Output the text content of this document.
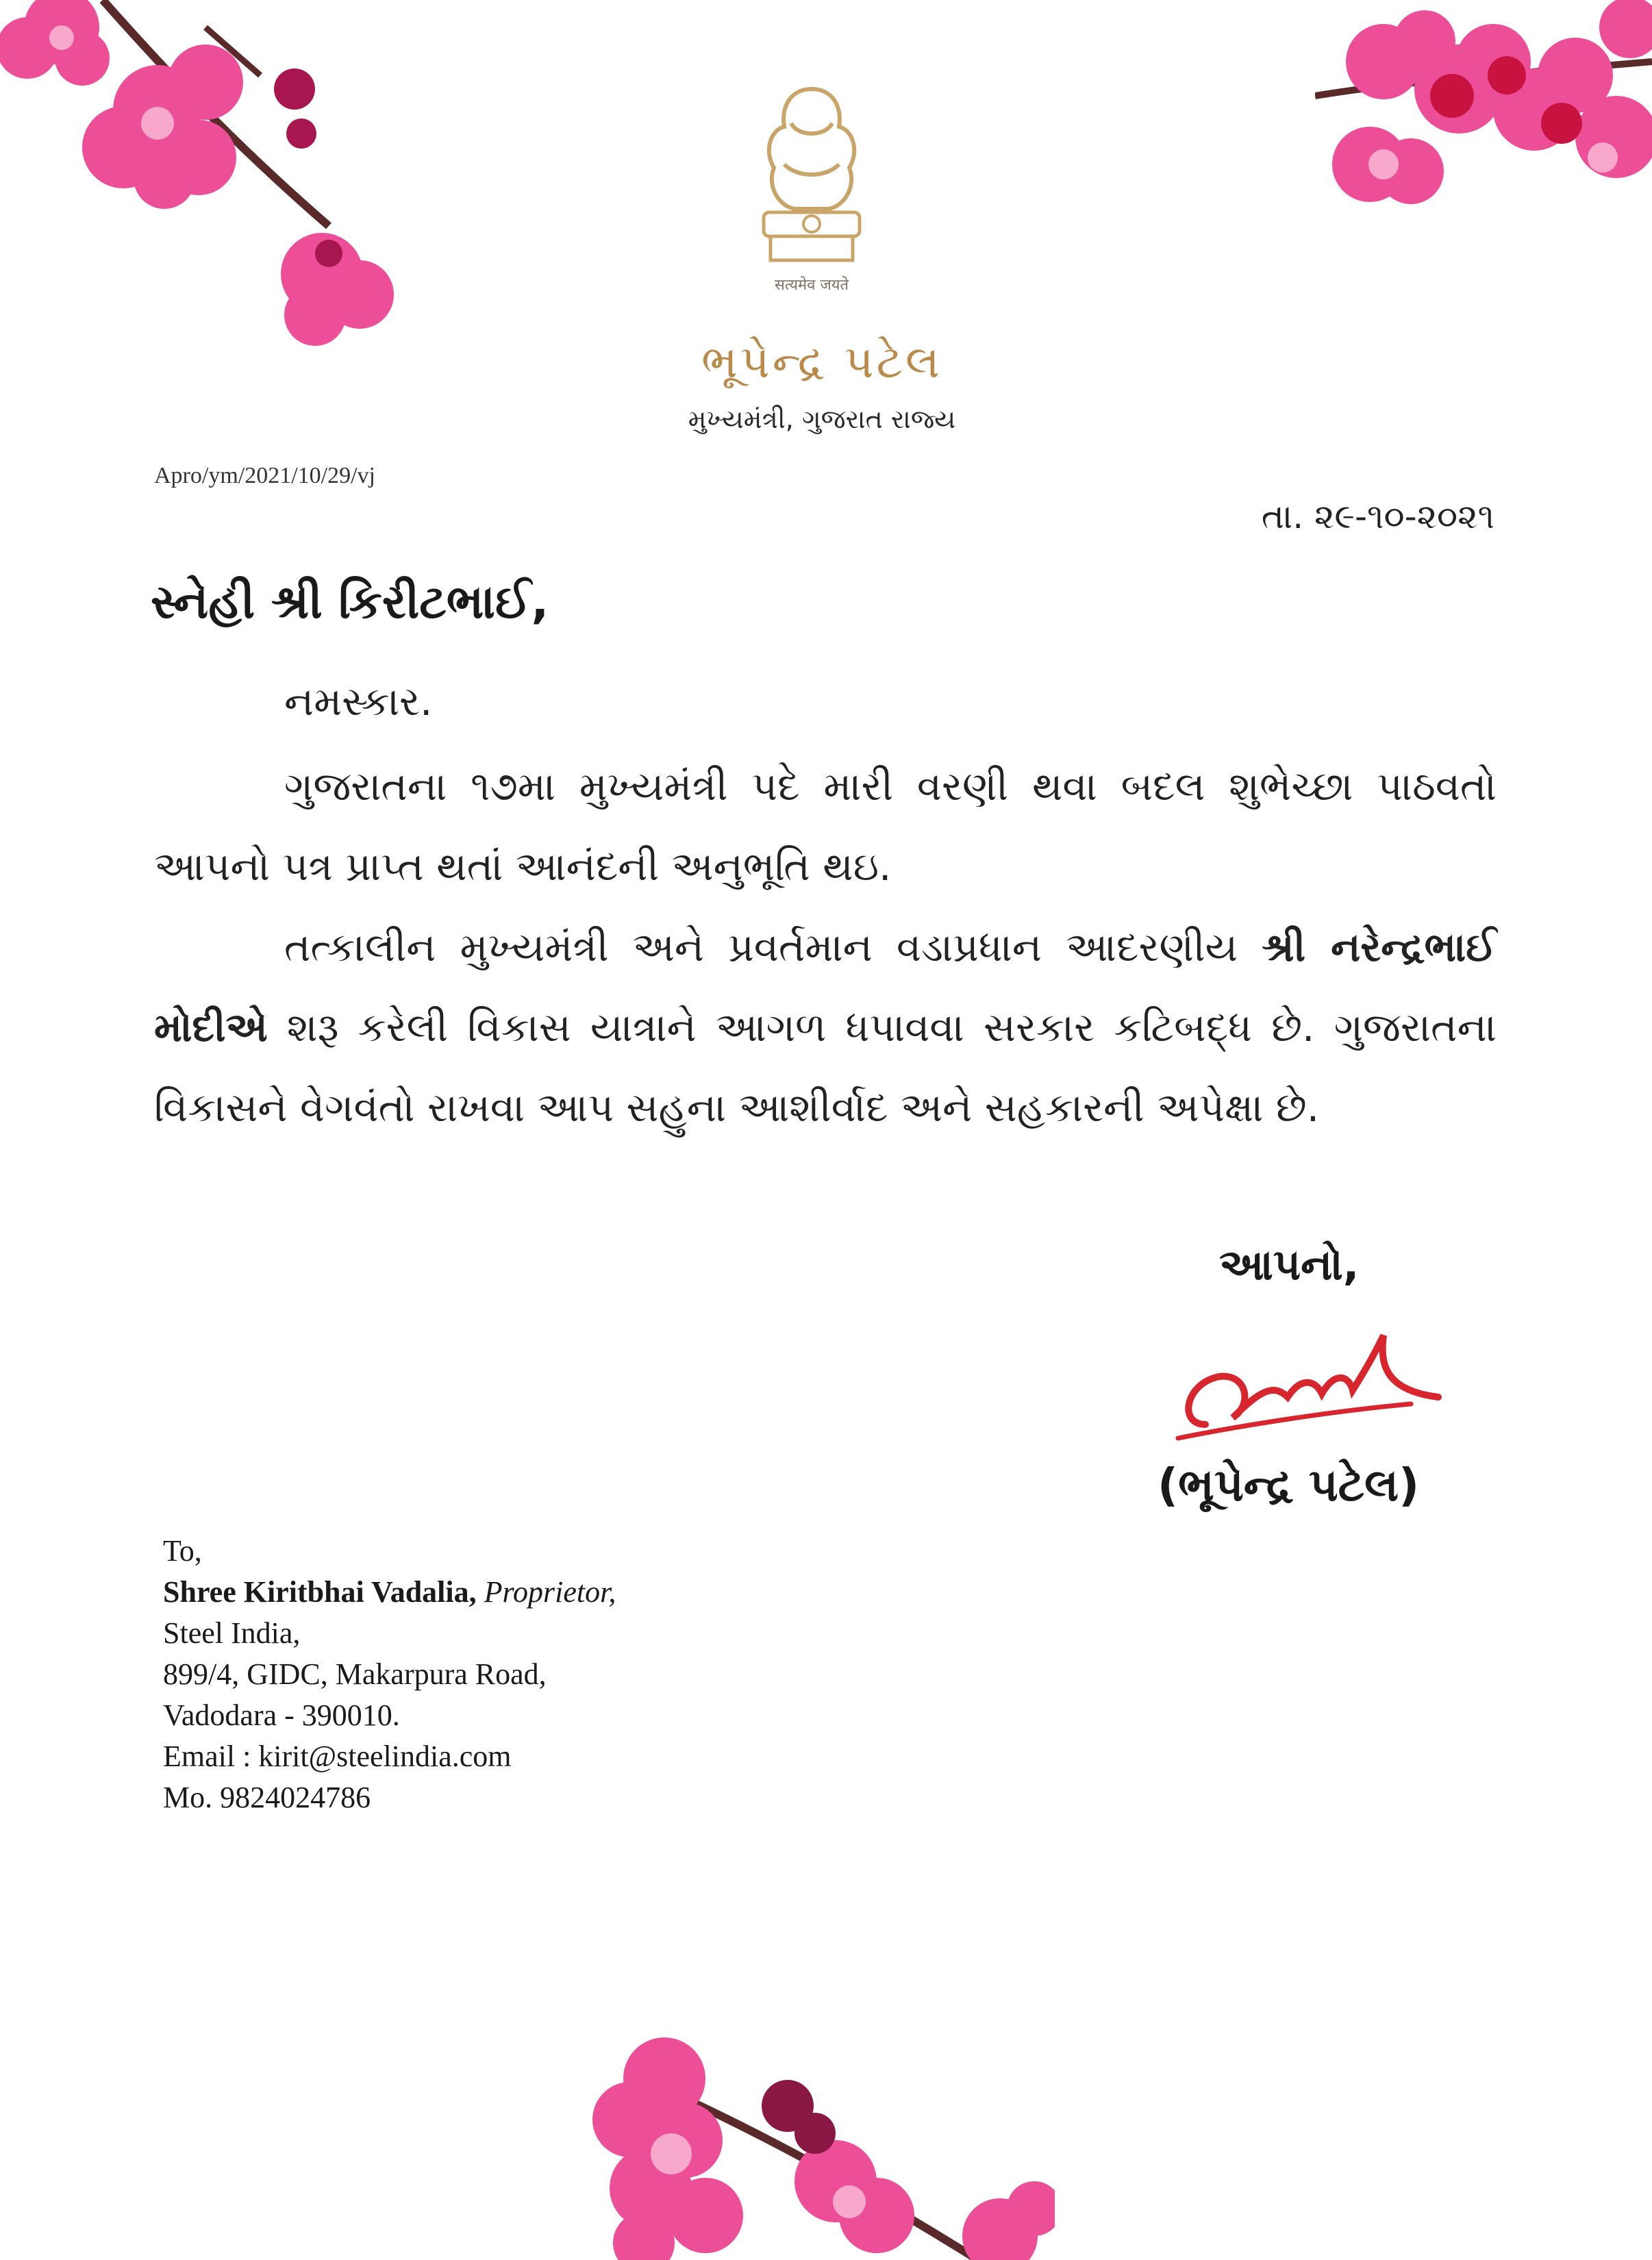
सत्यमेव जयते
ભૂપેન્દ્ર પટેલ
મુખ્યમંત્રી, ગુજરાત રાજ્ય
Apro/ym/2021/10/29/vj
તા. ૨૯-૧૦-૨૦૨૧
સ્નેહી શ્રી કિરીટભાઈ,
નમસ્કાર.
ગુજરાતના ૧૭મા મુખ્યમંત્રી પદે મારી વરણી થવા બદલ શુભેચ્છા પાઠવતો આપનો પત્ર પ્રાપ્ત થતાં આનંદની અનુભૂતિ થઇ.
તત્કાલીન મુખ્યમંત્રી અને પ્રવર્તમાન વડાપ્રધાન આદરણીય શ્રી નરેન્દ્રભાઈ મોદીએ શરૂ કરેલી વિકાસ યાત્રાને આગળ ધપાવવા સરકાર કટિબદ્ધ છે. ગુજરાતના વિકાસને વેગવંતો રાખવા આપ સહુના આશીર્વાદ અને સહકારની અપેક્ષા છે.
આપનો,
(ભૂપેન્દ્ર પટેલ)
To,
Shree Kiritbhai Vadalia, Proprietor,
Steel India,
899/4, GIDC, Makarpura Road,
Vadodara - 390010.
Email : kirit@steelindia.com
Mo. 9824024786
